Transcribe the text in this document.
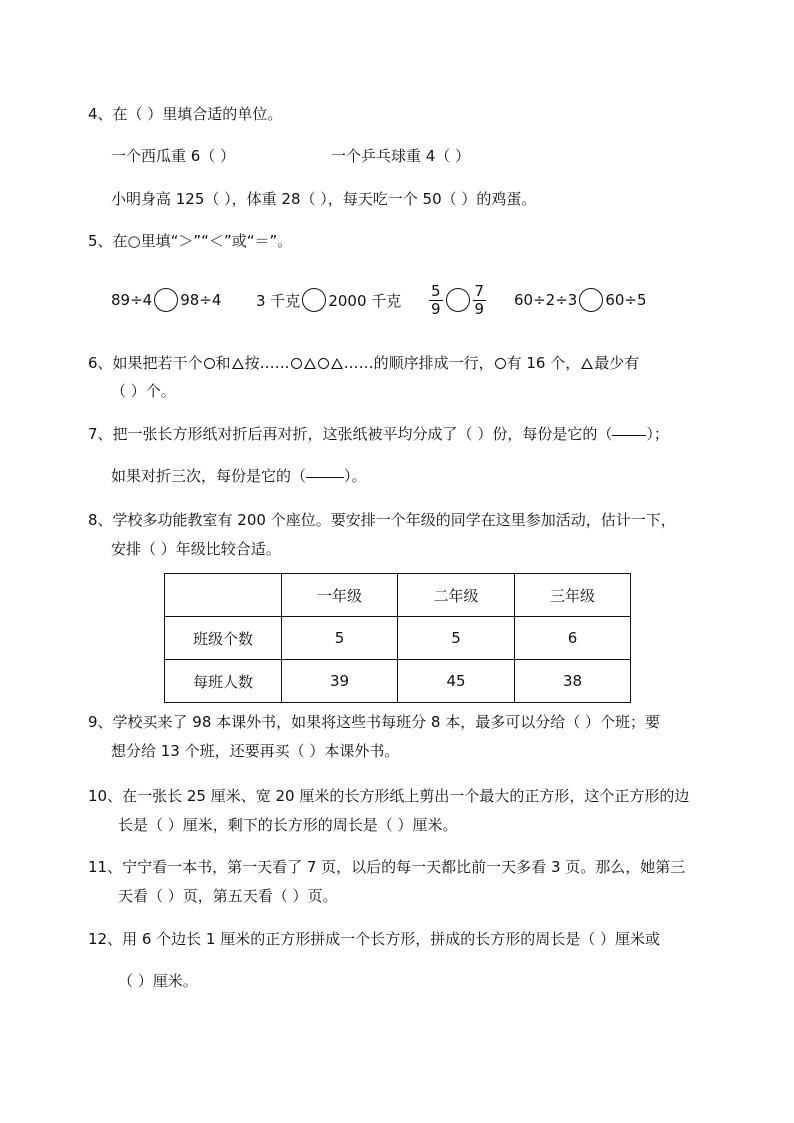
4、在（ ）里填合适的单位。
一个西瓜重 6（ ）	一个乒乓球重 4（ ）
小明身高 125（ ），体重 28（ ），每天吃一个 50（ ）的鸡蛋。
5、在○里填“＞”“＜”或“＝”。
89÷4 98÷4 3 千克 2000 千克 $\frac{5}{9} \frac{7}{9} 60\div 2\div 3$ 60÷5
6、如果把若干个 和 按……	……的顺序排成一行， 有 16 个， 最少有
（ ）个。
7、把一张长方形纸对折后再对折，这张纸被平均分成了（ ）份，每份是它的（ ）；
如果对折三次，每份是它的（	）。
8、学校多功能教室有 200 个座位。要安排一个年级的同学在这里参加活动，估计一下，
安排（ ）年级比较合适。
	一年级	二年级	三年级
班级个数	5	5	6
每班人数	39	45	38
9、学校买来了 98 本课外书，如果将这些书每班分 8 本，最多可以分给（ ）个班；要
想分给 13 个班，还要再买（ ）本课外书。
10、在一张长 25 厘米、宽 20 厘米的长方形纸上剪出一个最大的正方形，这个正方形的边
长是（ ）厘米，剩下的长方形的周长是（ ）厘米。
11、宁宁看一本书，第一天看了 7 页，以后的每一天都比前一天多看 3 页。那么，她第三
天看（ ）页，第五天看（ ）页。
12、用 6 个边长 1 厘米的正方形拼成一个长方形，拼成的长方形的周长是（ ）厘米或
（ ）厘米。
